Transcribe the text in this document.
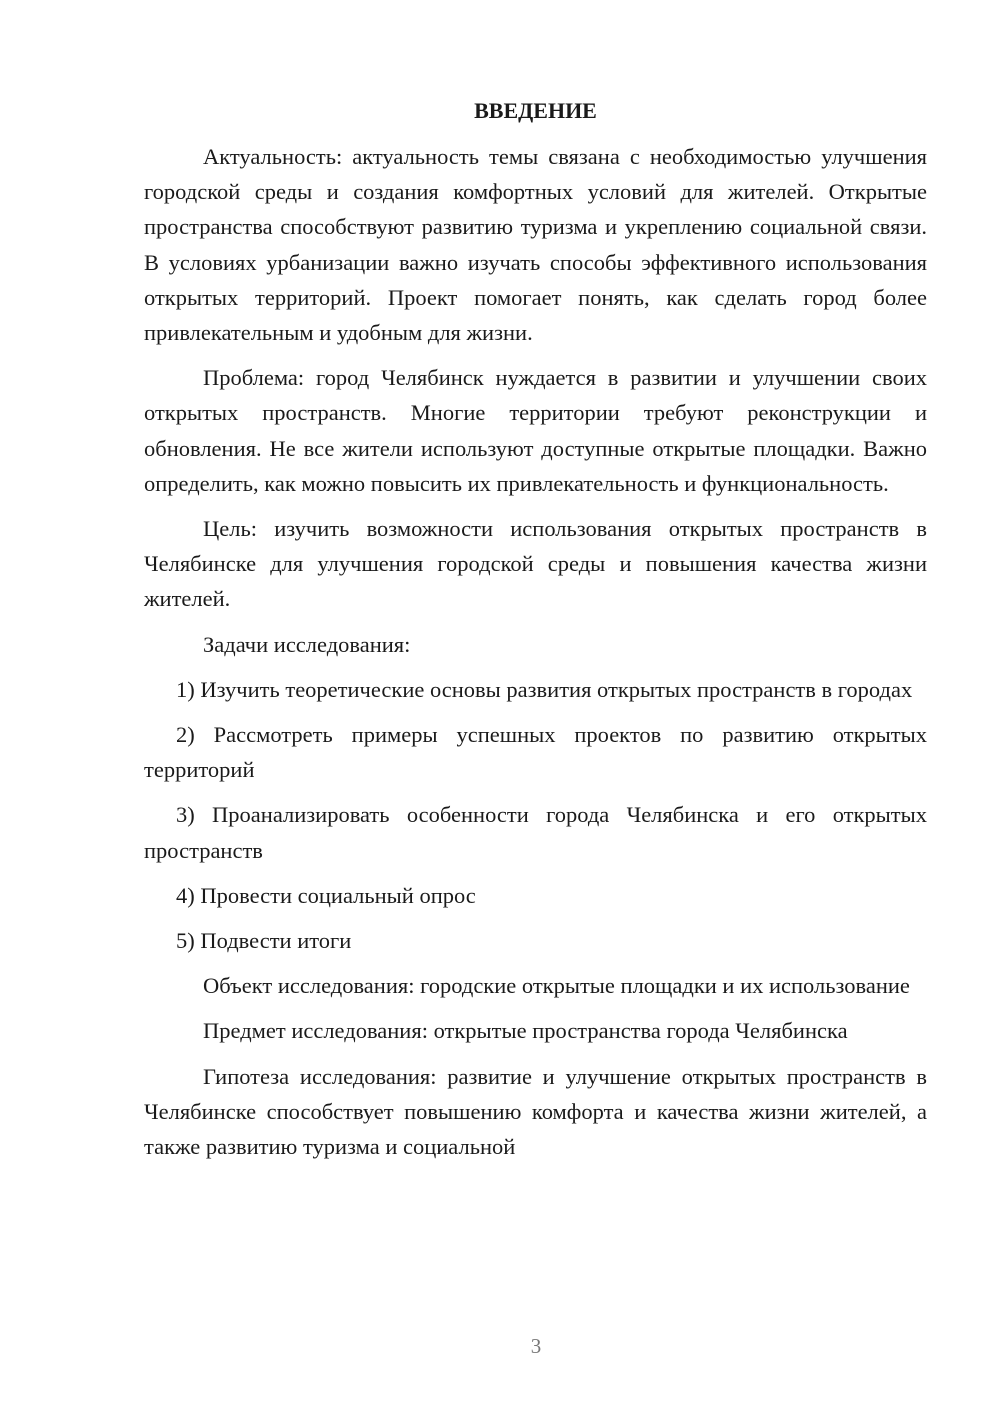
ВВЕДЕНИЕ

Актуальность: актуальность темы связана с необходимостью улучшения городской среды и создания комфортных условий для жителей. Открытые пространства способствуют развитию туризма и укреплению социальной связи. В условиях урбанизации важно изучать способы эффективного использования открытых территорий. Проект помогает понять, как сделать город более привлекательным и удобным для жизни.

Проблема: город Челябинск нуждается в развитии и улучшении своих открытых пространств. Многие территории требуют реконструкции и обновления. Не все жители используют доступные открытые площадки. Важно определить, как можно повысить их привлекательность и функциональность.

Цель: изучить возможности использования открытых пространств в Челябинске для улучшения городской среды и повышения качества жизни жителей.

Задачи исследования:

1) Изучить теоретические основы развития открытых пространств в городах

2) Рассмотреть примеры успешных проектов по развитию открытых территорий

3) Проанализировать особенности города Челябинска и его открытых пространств

4) Провести социальный опрос

5) Подвести итоги

Объект исследования: городские открытые площадки и их использование

Предмет исследования: открытые пространства города Челябинска

Гипотеза исследования: развитие и улучшение открытых пространств в Челябинске способствует повышению комфорта и качества жизни жителей, а также развитию туризма и социальной

3
